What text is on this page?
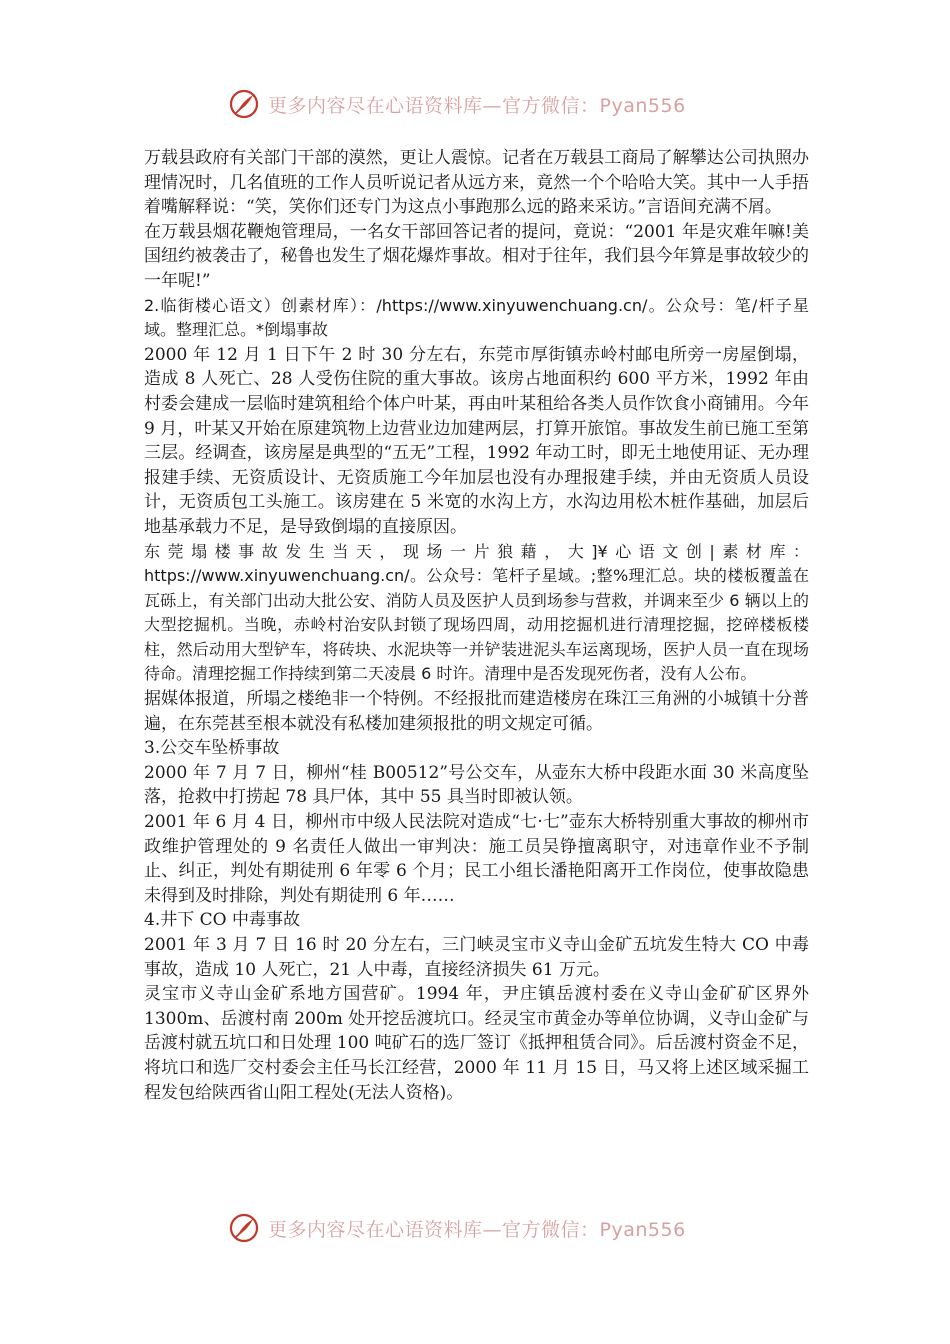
更多内容尽在心语资料库—官方微信：Pyan556

万载县政府有关部门干部的漠然，更让人震惊。记者在万载县工商局了解攀达公司执照办理情况时，几名值班的工作人员听说记者从远方来，竟然一个个哈哈大笑。其中一人手捂着嘴解释说：“笑，笑你们还专门为这点小事跑那么远的路来采访。”言语间充满不屑。

在万载县烟花鞭炮管理局，一名女干部回答记者的提问，竟说：“2001 年是灾难年嘛!美国纽约被袭击了，秘鲁也发生了烟花爆炸事故。相对于往年，我们县今年算是事故较少的一年呢!”

2.临街楼心语文）创素材库）：/https://www.xinyuwenchuang.cn/。公众号：笔/杆子星域。整理汇总。*倒塌事故

2000 年 12 月 1 日下午 2 时 30 分左右，东莞市厚街镇赤岭村邮电所旁一房屋倒塌，造成 8 人死亡、28 人受伤住院的重大事故。该房占地面积约 600 平方米，1992 年由村委会建成一层临时建筑租给个体户叶某，再由叶某租给各类人员作饮食小商铺用。今年 9 月，叶某又开始在原建筑物上边营业边加建两层，打算开旅馆。事故发生前已施工至第三层。经调查，该房屋是典型的“五无”工程，1992 年动工时，即无土地使用证、无办理报建手续、无资质设计、无资质施工今年加层也没有办理报建手续，并由无资质人员设计，无资质包工头施工。该房建在 5 米宽的水沟上方，水沟边用松木桩作基础，加层后地基承载力不足，是导致倒塌的直接原因。

东莞塌楼事故发生当天，现场一片狼藉，大]¥心语文创|素材库：https://www.xinyuwenchuang.cn/。公众号：笔杆子星域。;整%理汇总。块的楼板覆盖在瓦砾上，有关部门出动大批公安、消防人员及医护人员到场参与营救，并调来至少 6 辆以上的大型挖掘机。当晚，赤岭村治安队封锁了现场四周，动用挖掘机进行清理挖掘，挖碎楼板楼柱，然后动用大型铲车，将砖块、水泥块等一并铲装进泥头车运离现场，医护人员一直在现场待命。清理挖掘工作持续到第二天凌晨 6 时许。清理中是否发现死伤者，没有人公布。

据媒体报道，所塌之楼绝非一个特例。不经报批而建造楼房在珠江三角洲的小城镇十分普遍，在东莞甚至根本就没有私楼加建须报批的明文规定可循。

3.公交车坠桥事故

2000 年 7 月 7 日，柳州“桂 B00512”号公交车，从壶东大桥中段距水面 30 米高度坠落，抢救中打捞起 78 具尸体，其中 55 具当时即被认领。

2001 年 6 月 4 日，柳州市中级人民法院对造成“七·七”壶东大桥特别重大事故的柳州市政维护管理处的 9 名责任人做出一审判决：施工员吴铮擅离职守，对违章作业不予制止、纠正，判处有期徒刑 6 年零 6 个月；民工小组长潘艳阳离开工作岗位，使事故隐患未得到及时排除，判处有期徒刑 6 年……

4.井下 CO 中毒事故

2001 年 3 月 7 日 16 时 20 分左右，三门峡灵宝市义寺山金矿五坑发生特大 CO 中毒事故，造成 10 人死亡，21 人中毒，直接经济损失 61 万元。

灵宝市义寺山金矿系地方国营矿。1994 年，尹庄镇岳渡村委在义寺山金矿矿区界外 1300m、岳渡村南 200m 处开挖岳渡坑口。经灵宝市黄金办等单位协调，义寺山金矿与岳渡村就五坑口和日处理 100 吨矿石的选厂签订《抵押租赁合同》。后岳渡村资金不足，将坑口和选厂交村委会主任马长江经营，2000 年 11 月 15 日，马又将上述区域采掘工程发包给陕西省山阳工程处(无法人资格)。

更多内容尽在心语资料库—官方微信：Pyan556
